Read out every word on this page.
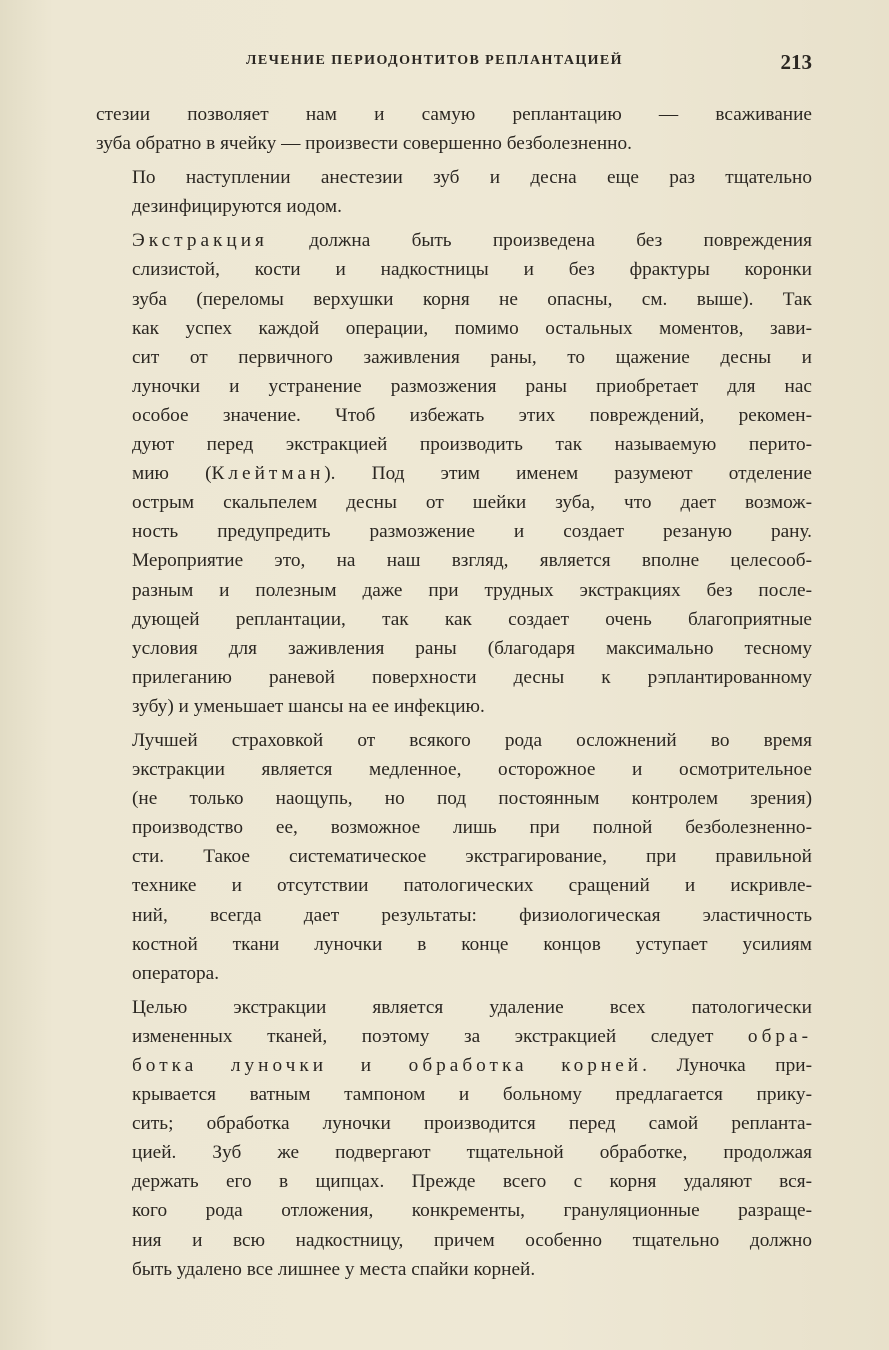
ЛЕЧЕНИЕ ПЕРИОДОНТИТОВ РЕПЛАНТАЦИЕЙ	213
стезии позволяет нам и самую реплантацию — всаживание
зуба обратно в ячейку — произвести совершенно безболезненно.
По наступлении анестезии зуб и десна еще раз тщательно
дезинфицируются иодом.
Экстракция должна быть произведена без повреждения
слизистой, кости и надкостницы и без фрактуры коронки
зуба (переломы верхушки корня не опасны, см. выше). Так
как успех каждой операции, помимо остальных моментов, зави-
сит от первичного заживления раны, то щажение десны и
луночки и устранение размозжения раны приобретает для нас
особое значение. Чтоб избежать этих повреждений, рекомен-
дуют перед экстракцией производить так называемую перито-
мию (Клейтман). Под этим именем разумеют отделение
острым скальпелем десны от шейки зуба, что дает возмож-
ность предупредить размозжение и создает резаную рану.
Мероприятие это, на наш взгляд, является вполне целесооб-
разным и полезным даже при трудных экстракциях без после-
дующей реплантации, так как создает очень благоприятные
условия для заживления раны (благодаря максимально тесному
прилеганию раневой поверхности десны к рэплантированному
зубу) и уменьшает шансы на ее инфекцию.
Лучшей страховкой от всякого рода осложнений во время
экстракции является медленное, осторожное и осмотрительное
(не только наощупь, но под постоянным контролем зрения)
производство ее, возможное лишь при полной безболезненно-
сти. Такое систематическое экстрагирование, при правильной
технике и отсутствии патологических сращений и искривле-
ний, всегда дает результаты: физиологическая эластичность
костной ткани луночки в конце концов уступает усилиям
оператора.
Целью экстракции является удаление всех патологически
измененных тканей, поэтому за экстракцией следует обра-
ботка луночки и обработка корней. Луночка при-
крывается ватным тампоном и больному предлагается прику-
сить; обработка луночки производится перед самой репланта-
цией. Зуб же подвергают тщательной обработке, продолжая
держать его в щипцах. Прежде всего с корня удаляют вся-
кого рода отложения, конкременты, грануляционные разраще-
ния и всю надкостницу, причем особенно тщательно должно
быть удалено все лишнее у места спайки корней.
